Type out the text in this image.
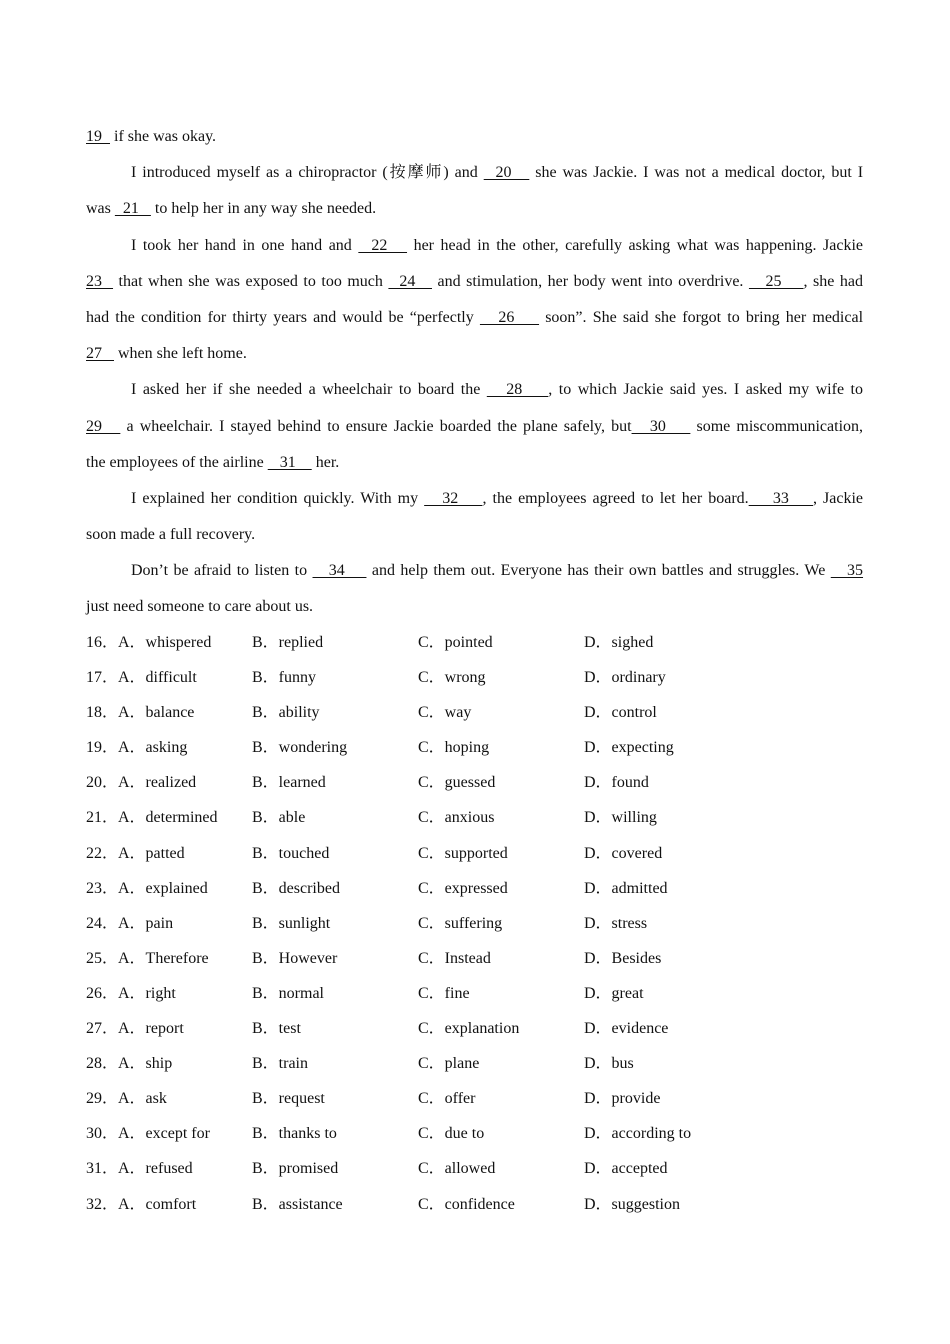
19   if she was okay.
I introduced myself as a chiropractor (按摩师) and   20    she was Jackie. I was not a medical doctor, but I
was   21    to help her in any way she needed.
I took her hand in one hand and   22    her head in the other, carefully asking what was happening. Jackie
23   that when she was exposed to too much   24    and stimulation, her body went into overdrive.    25    , she had
had the condition for thirty years and would be “perfectly    26     soon”. She said she forgot to bring her medical
27    when she left home.
I asked her if she needed a wheelchair to board the    28    , to which Jackie said yes. I asked my wife to
29    a wheelchair. I stayed behind to ensure Jackie boarded the plane safely, but   30     some miscommunication,
the employees of the airline    31     her.
I explained her condition quickly. With my    32    , the employees agreed to let her board.    33    , Jackie
soon made a full recovery.
Don’t be afraid to listen to    34     and help them out. Everyone has their own battles and struggles. We    35
just need someone to care about us.
16． A．whispered	B．replied	C．pointed	D．sighed
17． A．difficult	B．funny	C．wrong	D．ordinary
18． A．balance	B．ability	C．way	D．control
19． A．asking	B．wondering	C．hoping	D．expecting
20． A．realized	B．learned	C．guessed	D．found
21． A．determined B．able	C．anxious	D．willing
22． A．patted	B．touched	C．supported	D．covered
23． A．explained	B．described	C．expressed	D．admitted
24． A．pain	B．sunlight	C．suffering	D．stress
25． A．Therefore	B．However	C．Instead	D．Besides
26． A．right	B．normal	C．fine	D．great
27． A．report	B．test	C．explanation	D．evidence
28． A．ship	B．train	C．plane	D．bus
29． A．ask	B．request	C．offer	D．provide
30． A．except for	B．thanks to	C．due to	D．according to
31． A．refused	B．promised	C．allowed	D．accepted
32． A．comfort	B．assistance	C．confidence	D．suggestion
